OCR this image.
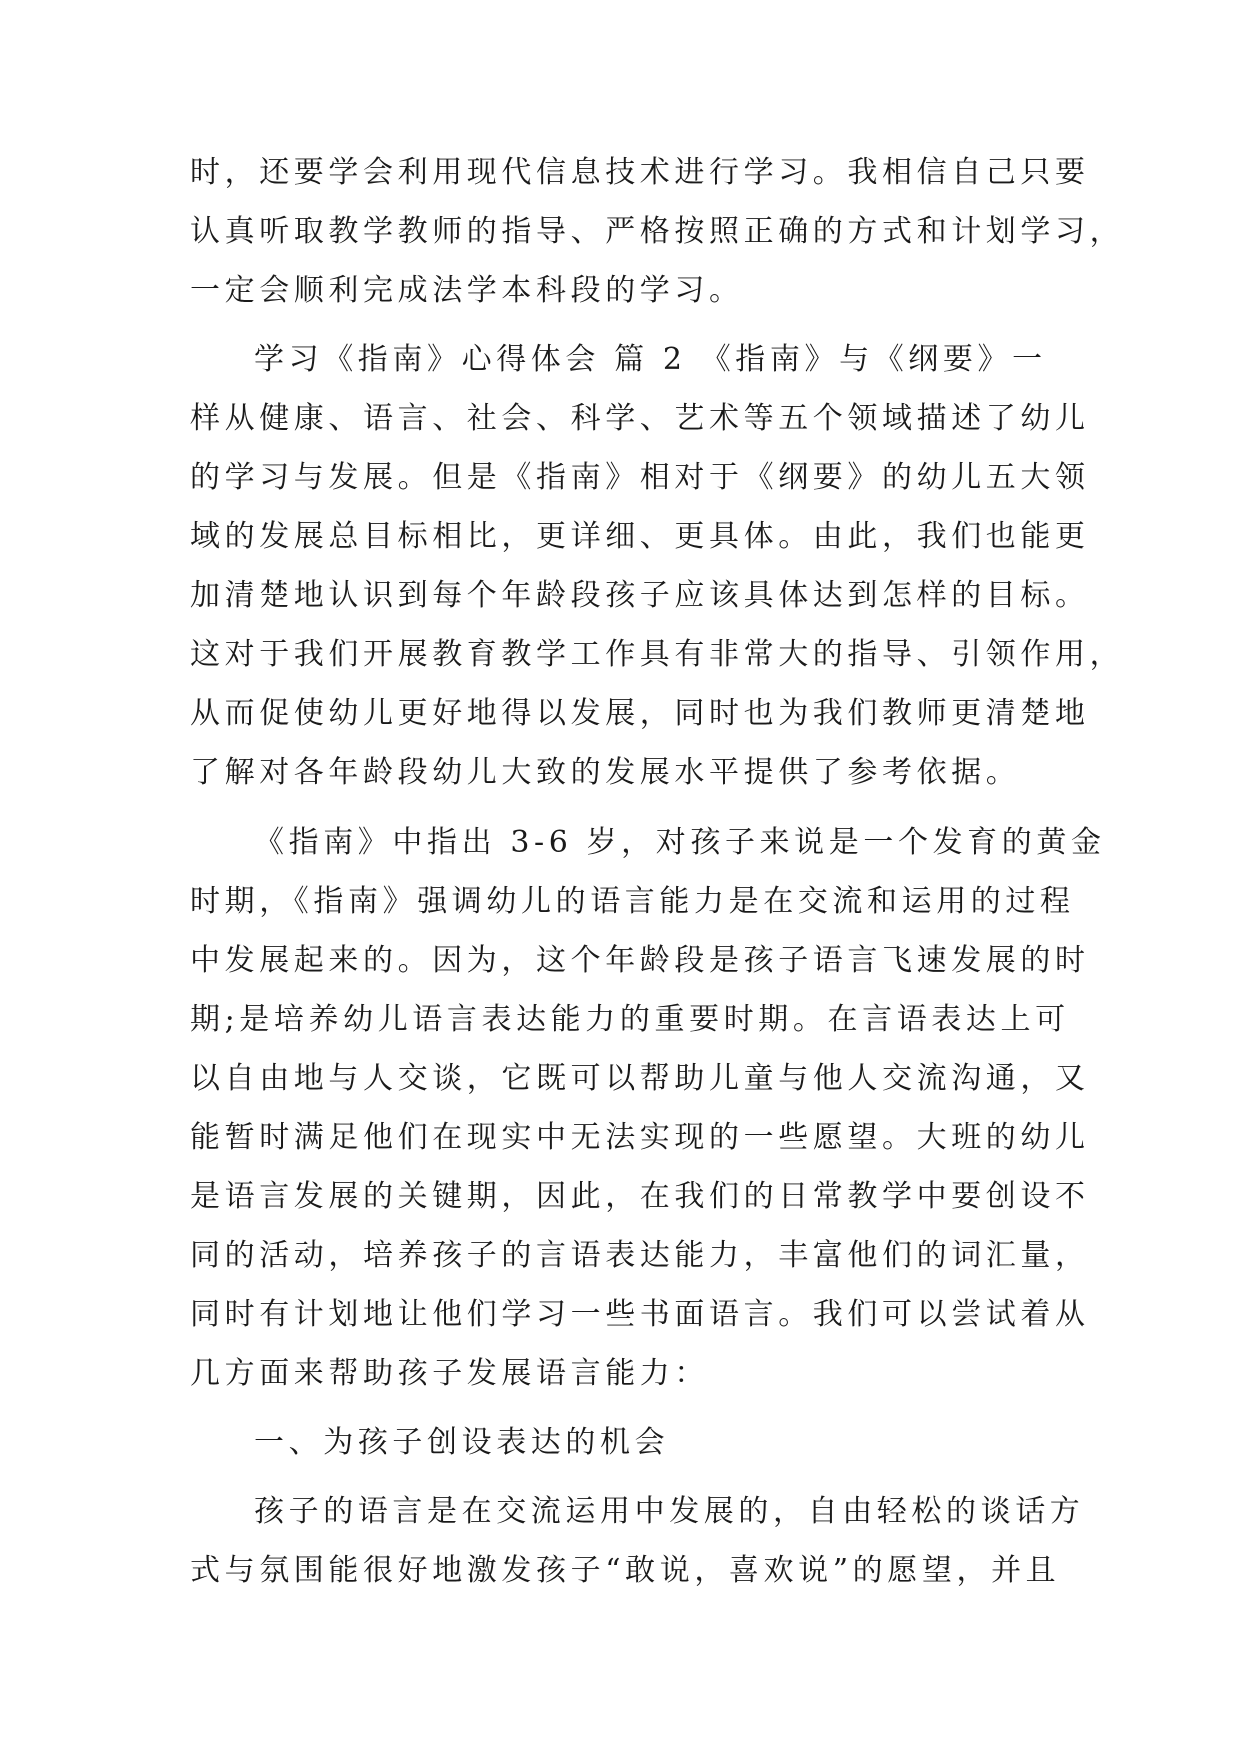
时，还要学会利用现代信息技术进行学习。我相信自己只要
认真听取教学教师的指导、严格按照正确的方式和计划学习，
一定会顺利完成法学本科段的学习。
学习《指南》心得体会 篇 2 《指南》与《纲要》一
样从健康、语言、社会、科学、艺术等五个领域描述了幼儿
的学习与发展。但是《指南》相对于《纲要》的幼儿五大领
域的发展总目标相比，更详细、更具体。由此，我们也能更
加清楚地认识到每个年龄段孩子应该具体达到怎样的目标。
这对于我们开展教育教学工作具有非常大的指导、引领作用，
从而促使幼儿更好地得以发展，同时也为我们教师更清楚地
了解对各年龄段幼儿大致的发展水平提供了参考依据。
《指南》中指出 3-6 岁，对孩子来说是一个发育的黄金
时期，《指南》强调幼儿的语言能力是在交流和运用的过程
中发展起来的。因为，这个年龄段是孩子语言飞速发展的时
期;是培养幼儿语言表达能力的重要时期。在言语表达上可
以自由地与人交谈，它既可以帮助儿童与他人交流沟通，又
能暂时满足他们在现实中无法实现的一些愿望。大班的幼儿
是语言发展的关键期，因此，在我们的日常教学中要创设不
同的活动，培养孩子的言语表达能力，丰富他们的词汇量，
同时有计划地让他们学习一些书面语言。我们可以尝试着从
几方面来帮助孩子发展语言能力：
一、为孩子创设表达的机会
孩子的语言是在交流运用中发展的，自由轻松的谈话方
式与氛围能很好地激发孩子“敢说，喜欢说”的愿望，并且
